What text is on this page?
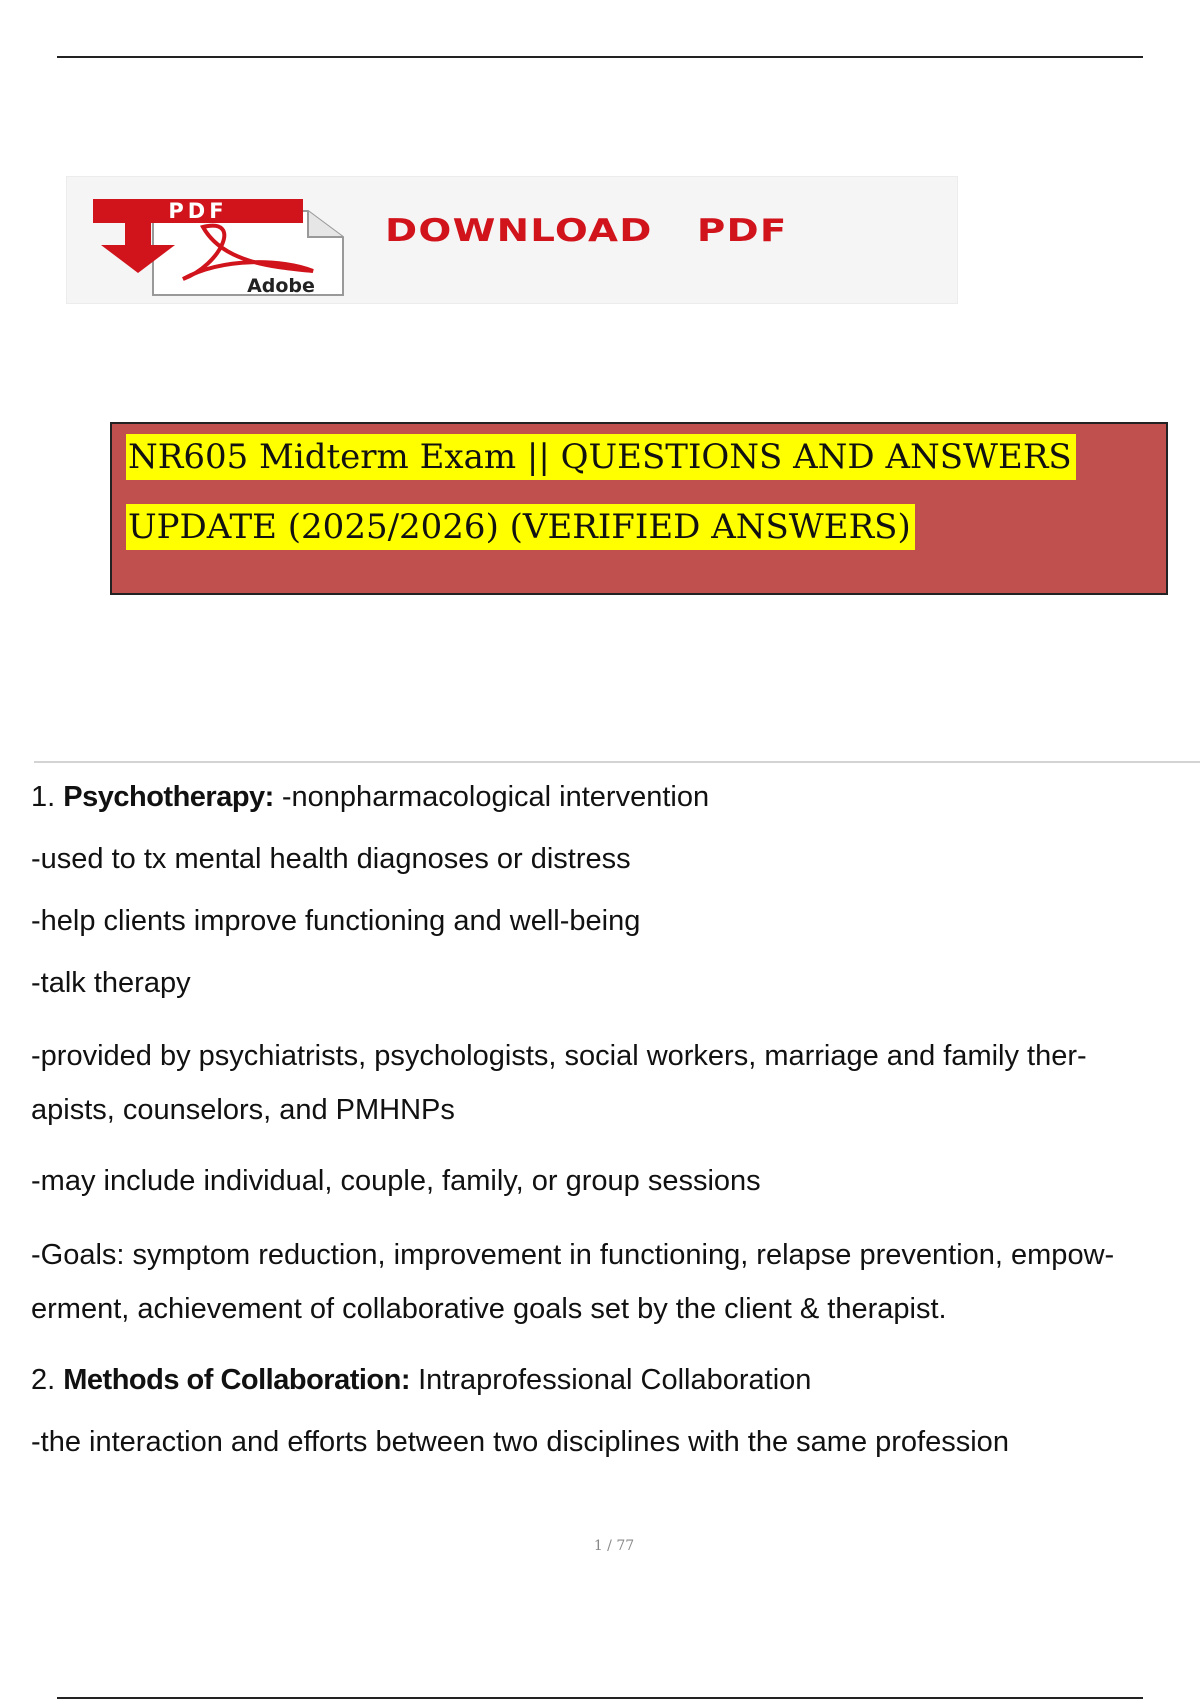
PDF
Adobe
DOWNLOAD   PDF
NR605 Midterm Exam || QUESTIONS AND ANSWERS
UPDATE (2025/2026) (VERIFIED ANSWERS)
1. Psychotherapy: -nonpharmacological intervention
-used to tx mental health diagnoses or distress
-help clients improve functioning and well-being
-talk therapy
-provided by psychiatrists, psychologists, social workers, marriage and family ther-
apists, counselors, and PMHNPs
-may include individual, couple, family, or group sessions
-Goals: symptom reduction, improvement in functioning, relapse prevention, empow-
erment, achievement of collaborative goals set by the client & therapist.
2. Methods of Collaboration: Intraprofessional Collaboration
-the interaction and efforts between two disciplines with the same profession
1 / 77
